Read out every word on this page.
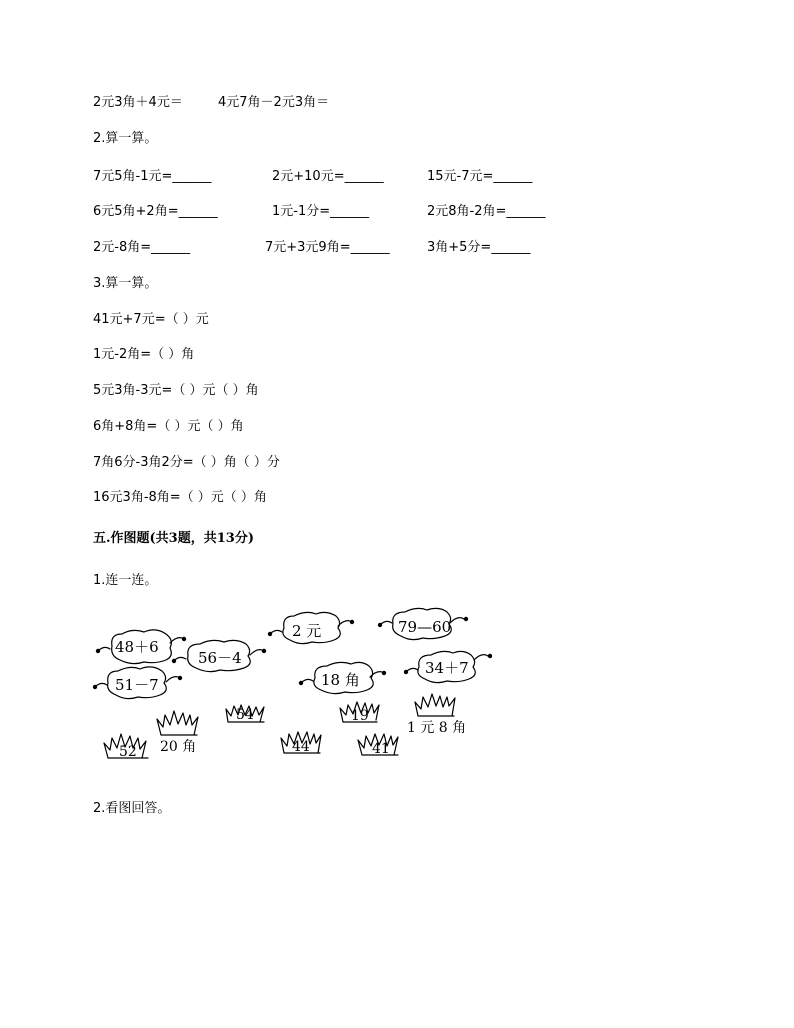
2元3角＋4元＝	4元7角－2元3角＝
2.算一算。
7元5角-1元=______	2元+10元=______	15元-7元=______
6元5角+2角=______	1元-1分=______	2元8角-2角=______
2元-8角=______	7元+3元9角=______	3角+5分=______
3.算一算。
41元+7元=（ ）元
1元-2角=（ ）角
5元3角-3元=（ ）元（ ）角
6角+8角=（ ）元（ ）角
7角6分-3角2分=（ ）角（ ）分
16元3角-8角=（ ）元（ ）角
五.作图题(共3题，共13分)
1.连一连。
48＋6
56－4
51－7
2 元
18 角
79—60
34＋7
52
54
44
19
41
20 角
1 元 8 角
2.看图回答。
